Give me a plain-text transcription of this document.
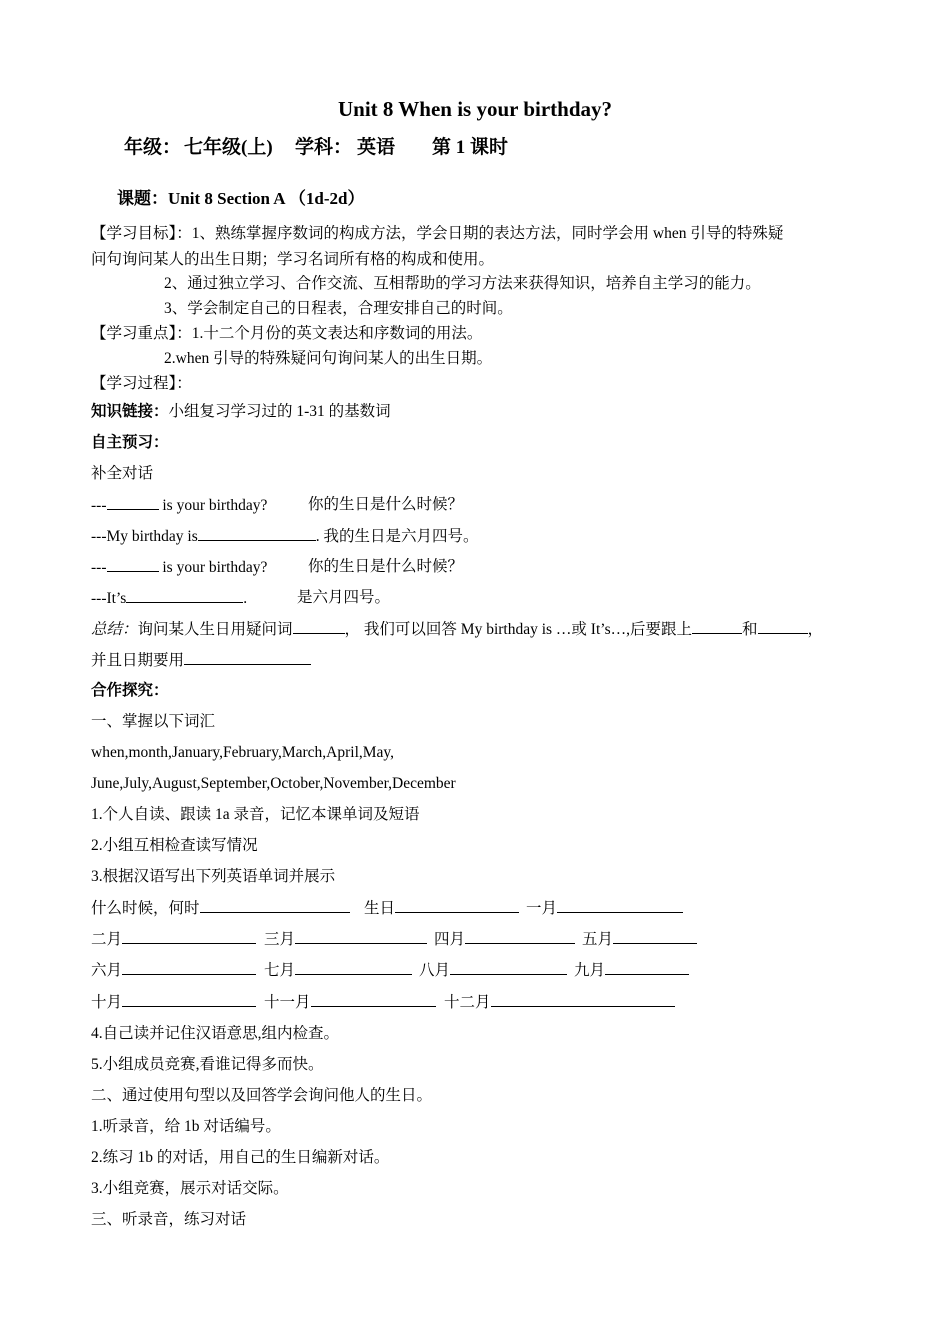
Unit 8 When is your birthday?
年级： 七年级(上) 学科： 英语 第 1 课时
课题：Unit 8 Section A （1d-2d）
【学习目标】：1、熟练掌握序数词的构成方法，学会日期的表达方法，同时学会用 when 引导的特殊疑
问句询问某人的出生日期；学习名词所有格的构成和使用。
2、通过独立学习、合作交流、互相帮助的学习方法来获得知识，培养自主学习的能力。
3、学会制定自己的日程表，合理安排自己的时间。
【学习重点】：1.十二个月份的英文表达和序数词的用法。
2.when 引导的特殊疑问句询问某人的出生日期。
【学习过程】：
知识链接：小组复习学习过的 1-31 的基数词
自主预习：
补全对话
---	is your birthday?	你的生日是什么时候？
---My birthday is	. 我的生日是六月四号。
---	is your birthday?	你的生日是什么时候？
---It’s	.	是六月四号。
总结：询问某人生日用疑问词	， 我们可以回答 My birthday is …或 It’s…,后要跟上	和	，
并且日期要用
合作探究：
一、掌握以下词汇
when,month,January,February,March,April,May,
June,July,August,September,October,November,December
1.个人自读、跟读 1a 录音，记忆本课单词及短语
2.小组互相检查读写情况
3.根据汉语写出下列英语单词并展示
什么时候，何时	生日	一月
二月	三月	四月	五月
六月	七月	八月	九月
十月	十一月	十二月
4.自己读并记住汉语意思,组内检查。
5.小组成员竞赛,看谁记得多而快。
二、通过使用句型以及回答学会询问他人的生日。
1.听录音，给 1b 对话编号。
2.练习 1b 的对话，用自己的生日编新对话。
3.小组竞赛，展示对话交际。
三、听录音，练习对话
